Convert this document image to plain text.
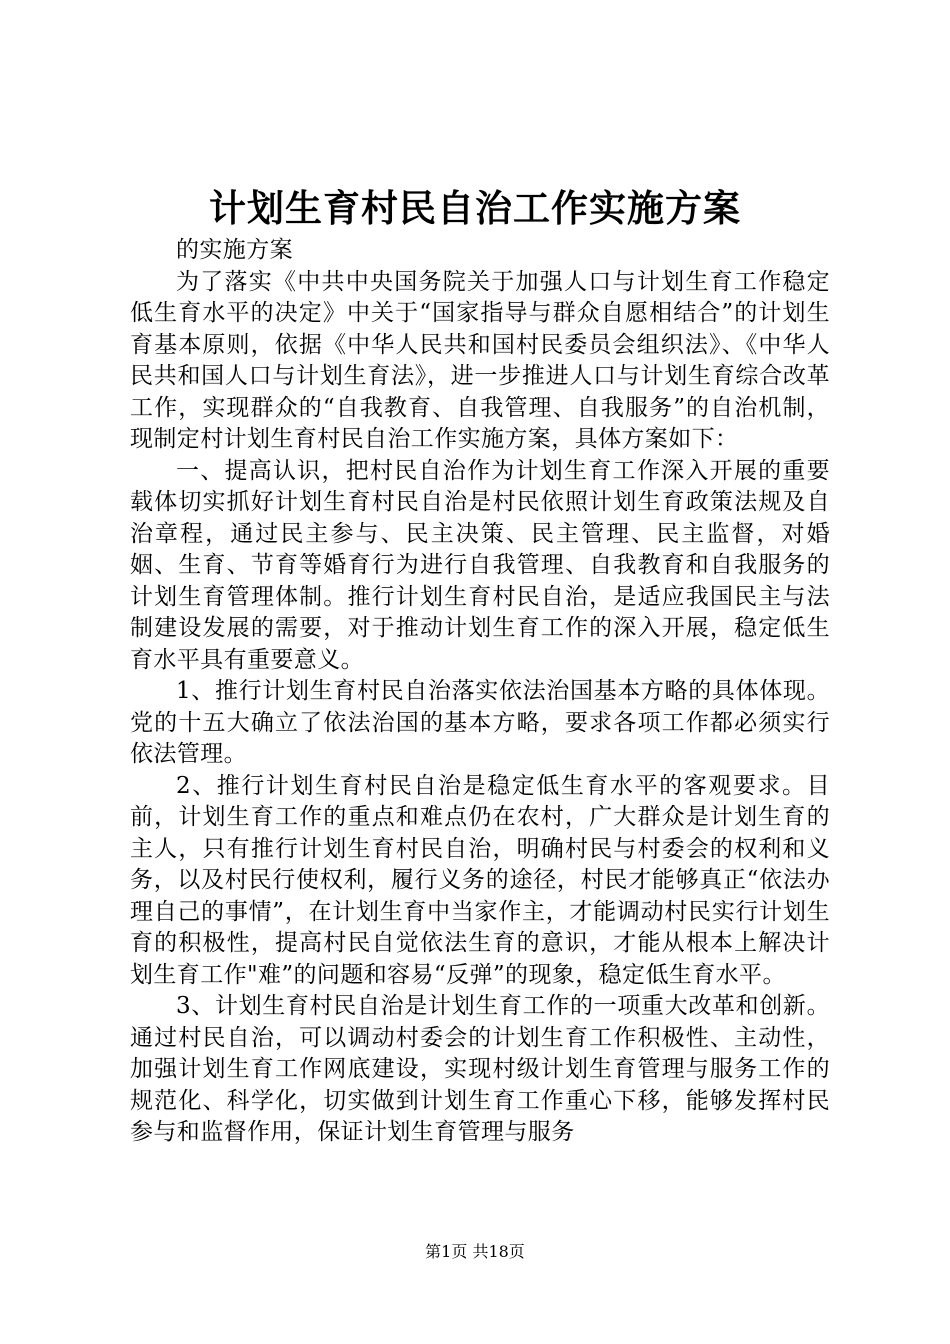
计划生育村民自治工作实施方案

的实施方案

为了落实《中共中央国务院关于加强人口与计划生育工作稳定低生育水平的决定》中关于“国家指导与群众自愿相结合”的计划生育基本原则，依据《中华人民共和国村民委员会组织法》、《中华人民共和国人口与计划生育法》，进一步推进人口与计划生育综合改革工作，实现群众的“自我教育、自我管理、自我服务”的自治机制，现制定村计划生育村民自治工作实施方案，具体方案如下：

一、提高认识，把村民自治作为计划生育工作深入开展的重要载体切实抓好计划生育村民自治是村民依照计划生育政策法规及自治章程，通过民主参与、民主决策、民主管理、民主监督，对婚姻、生育、节育等婚育行为进行自我管理、自我教育和自我服务的计划生育管理体制。推行计划生育村民自治，是适应我国民主与法制建设发展的需要，对于推动计划生育工作的深入开展，稳定低生育水平具有重要意义。

1、推行计划生育村民自治落实依法治国基本方略的具体体现。党的十五大确立了依法治国的基本方略，要求各项工作都必须实行依法管理。

2、推行计划生育村民自治是稳定低生育水平的客观要求。目前，计划生育工作的重点和难点仍在农村，广大群众是计划生育的主人，只有推行计划生育村民自治，明确村民与村委会的权利和义务，以及村民行使权利，履行义务的途径，村民才能够真正“依法办理自己的事情”，在计划生育中当家作主，才能调动村民实行计划生育的积极性，提高村民自觉依法生育的意识，才能从根本上解决计划生育工作"难”的问题和容易“反弹”的现象，稳定低生育水平。

3、计划生育村民自治是计划生育工作的一项重大改革和创新。通过村民自治，可以调动村委会的计划生育工作积极性、主动性，加强计划生育工作网底建设，实现村级计划生育管理与服务工作的规范化、科学化，切实做到计划生育工作重心下移，能够发挥村民参与和监督作用，保证计划生育管理与服务

第1页 共18页
